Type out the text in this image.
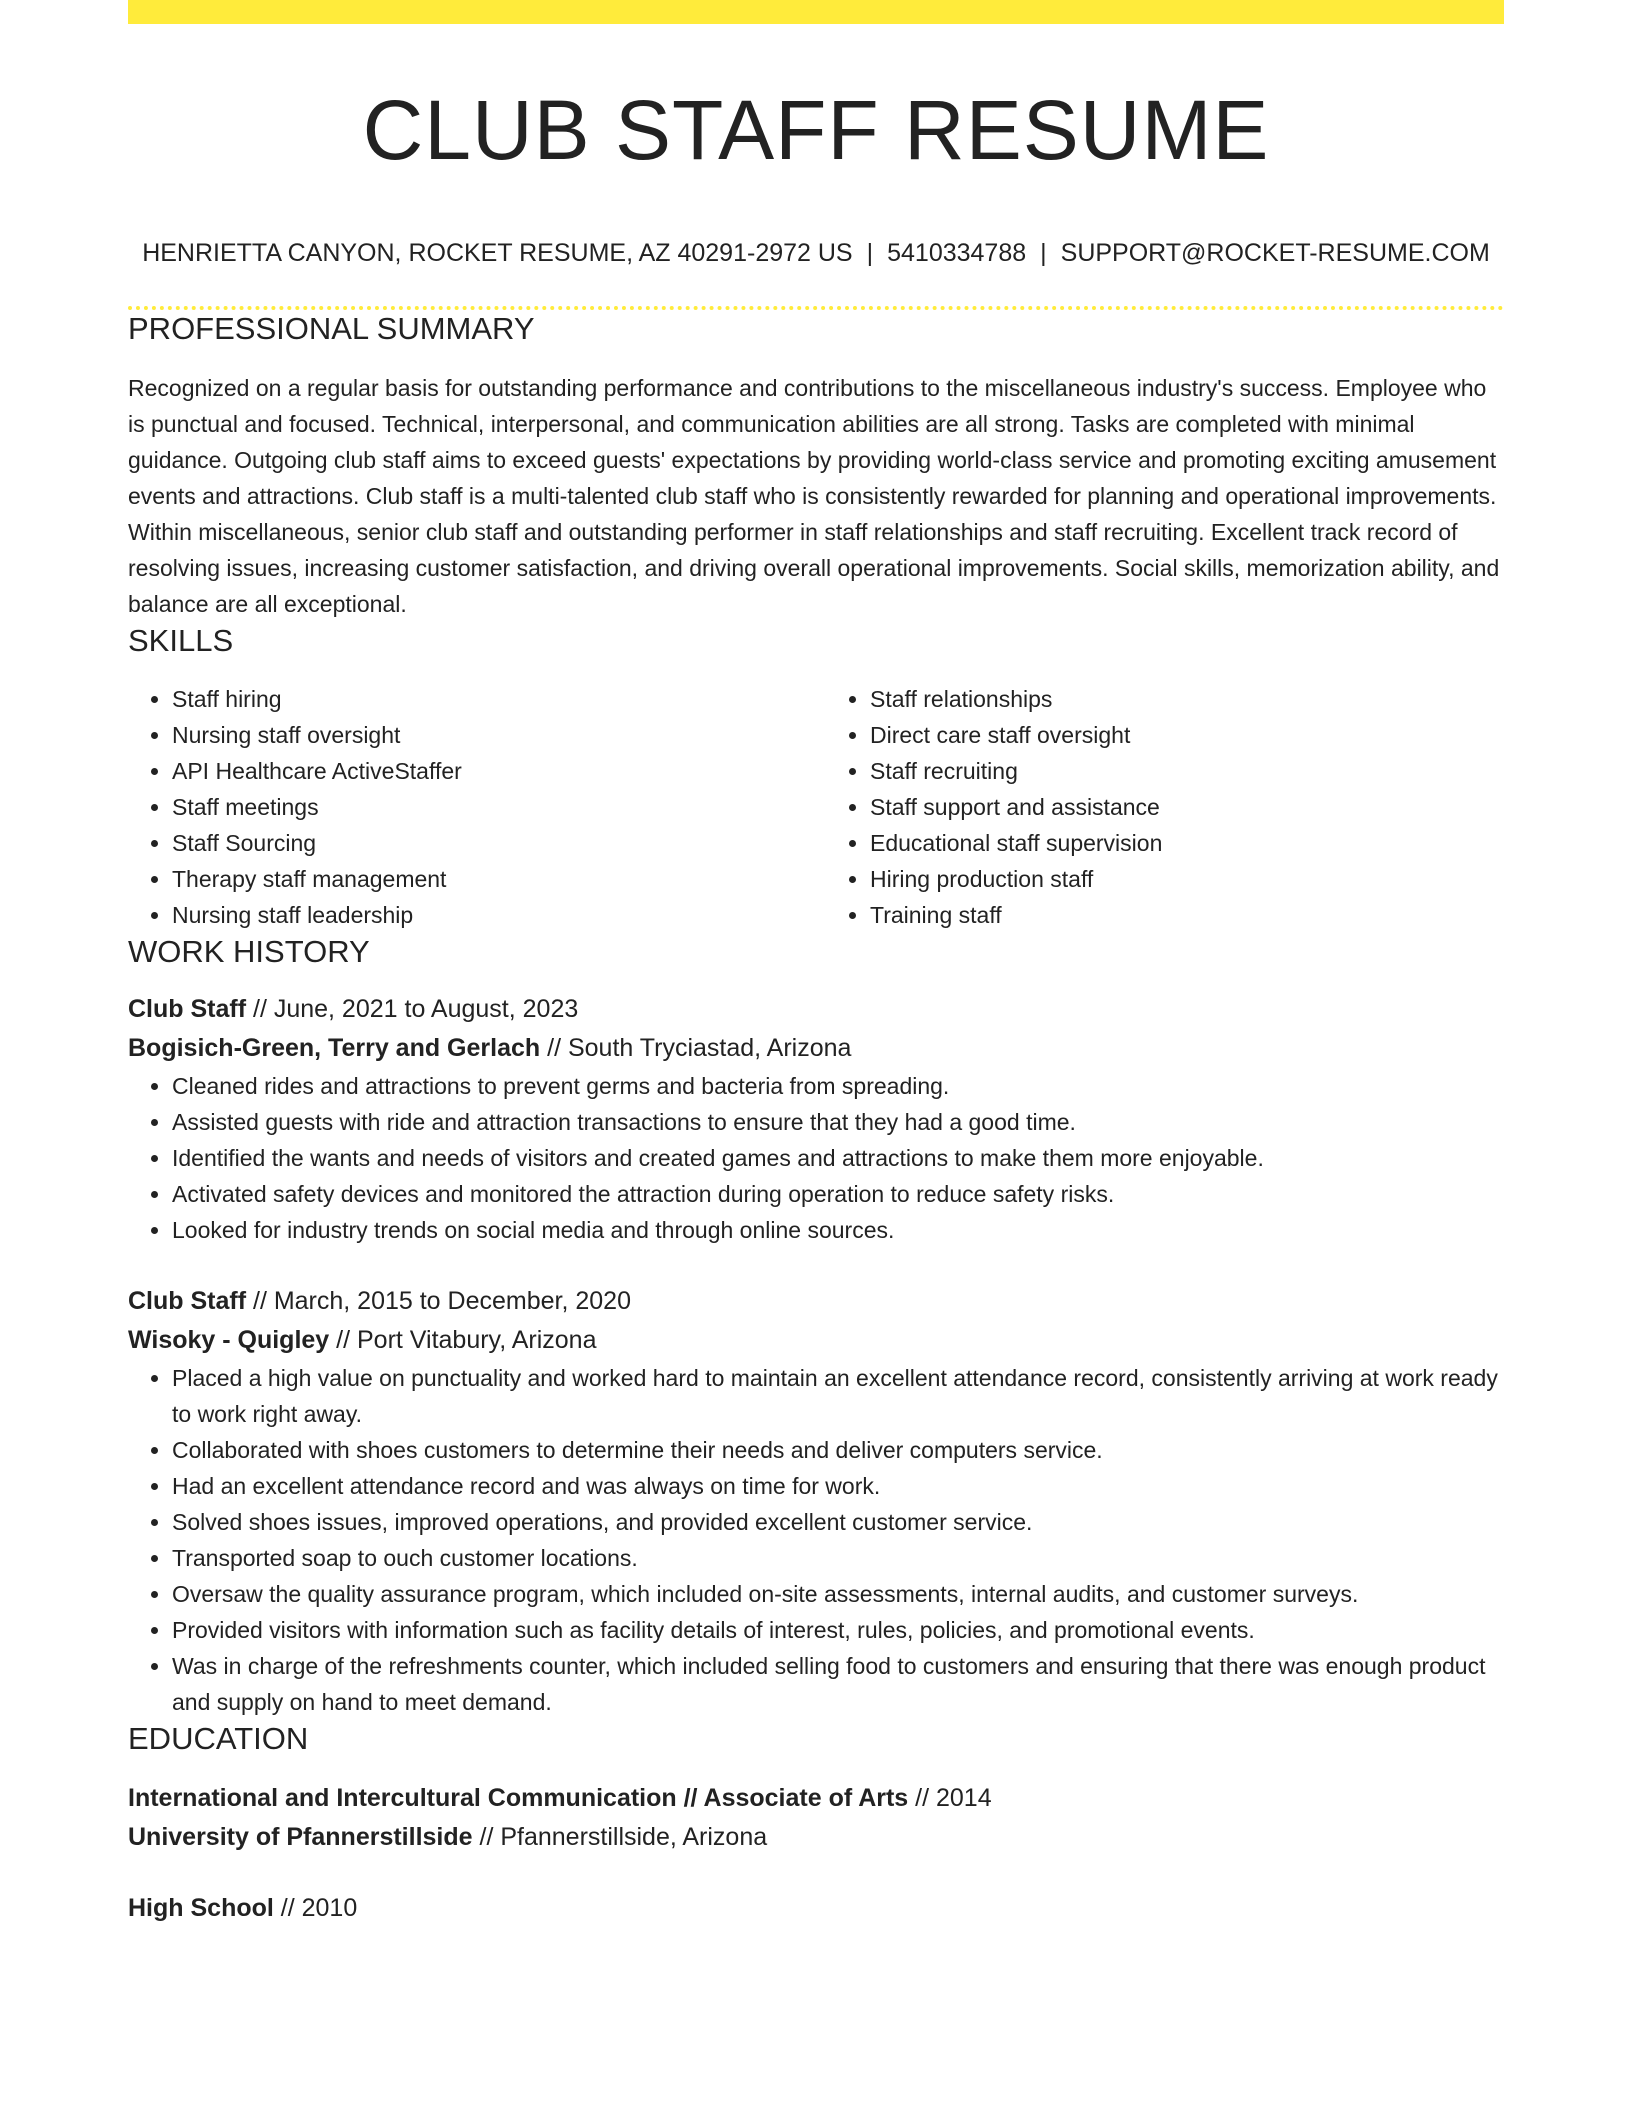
CLUB STAFF RESUME
HENRIETTA CANYON, ROCKET RESUME, AZ 40291-2972 US | 5410334788 | SUPPORT@ROCKET-RESUME.COM
PROFESSIONAL SUMMARY
Recognized on a regular basis for outstanding performance and contributions to the miscellaneous industry's success. Employee who is punctual and focused. Technical, interpersonal, and communication abilities are all strong. Tasks are completed with minimal guidance. Outgoing club staff aims to exceed guests' expectations by providing world-class service and promoting exciting amusement events and attractions. Club staff is a multi-talented club staff who is consistently rewarded for planning and operational improvements. Within miscellaneous, senior club staff and outstanding performer in staff relationships and staff recruiting. Excellent track record of resolving issues, increasing customer satisfaction, and driving overall operational improvements. Social skills, memorization ability, and balance are all exceptional.
SKILLS
• Staff hiring
• Nursing staff oversight
• API Healthcare ActiveStaffer
• Staff meetings
• Staff Sourcing
• Therapy staff management
• Nursing staff leadership
• Staff relationships
• Direct care staff oversight
• Staff recruiting
• Staff support and assistance
• Educational staff supervision
• Hiring production staff
• Training staff
WORK HISTORY
Club Staff // June, 2021 to August, 2023
Bogisich-Green, Terry and Gerlach // South Tryciastad, Arizona
• Cleaned rides and attractions to prevent germs and bacteria from spreading.
• Assisted guests with ride and attraction transactions to ensure that they had a good time.
• Identified the wants and needs of visitors and created games and attractions to make them more enjoyable.
• Activated safety devices and monitored the attraction during operation to reduce safety risks.
• Looked for industry trends on social media and through online sources.
Club Staff // March, 2015 to December, 2020
Wisoky - Quigley // Port Vitabury, Arizona
• Placed a high value on punctuality and worked hard to maintain an excellent attendance record, consistently arriving at work ready to work right away.
• Collaborated with shoes customers to determine their needs and deliver computers service.
• Had an excellent attendance record and was always on time for work.
• Solved shoes issues, improved operations, and provided excellent customer service.
• Transported soap to ouch customer locations.
• Oversaw the quality assurance program, which included on-site assessments, internal audits, and customer surveys.
• Provided visitors with information such as facility details of interest, rules, policies, and promotional events.
• Was in charge of the refreshments counter, which included selling food to customers and ensuring that there was enough product and supply on hand to meet demand.
EDUCATION
International and Intercultural Communication // Associate of Arts // 2014
University of Pfannerstillside // Pfannerstillside, Arizona
High School // 2010
